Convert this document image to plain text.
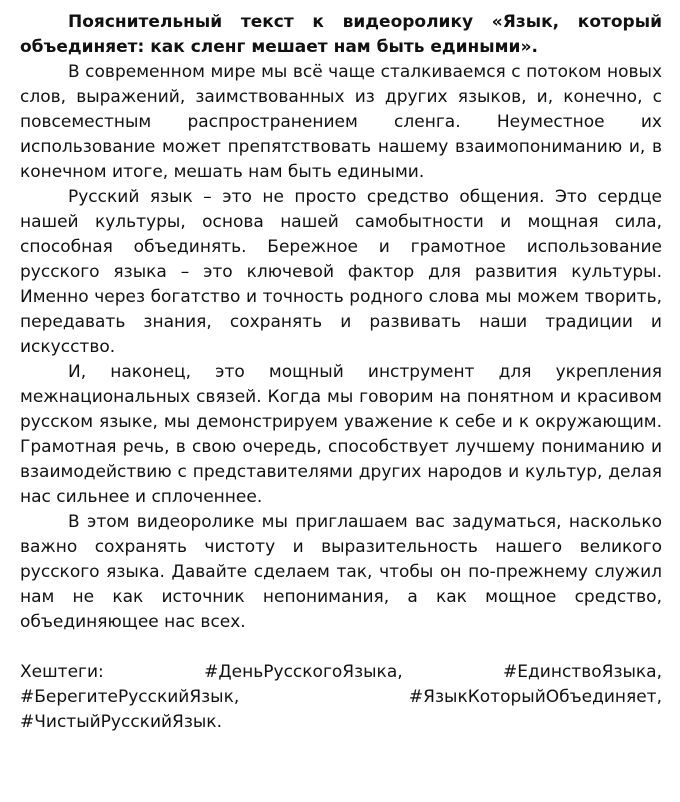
Пояснительный текст к видеоролику «Язык, который объединяет: как сленг мешает нам быть едиными».

В современном мире мы всё чаще сталкиваемся с потоком новых слов, выражений, заимствованных из других языков, и, конечно, с повсеместным распространением сленга. Неуместное их использование может препятствовать нашему взаимопониманию и, в конечном итоге, мешать нам быть едиными.

Русский язык – это не просто средство общения. Это сердце нашей культуры, основа нашей самобытности и мощная сила, способная объединять. Бережное и грамотное использование русского языка – это ключевой фактор для развития культуры. Именно через богатство и точность родного слова мы можем творить, передавать знания, сохранять и развивать наши традиции и искусство.

И, наконец, это мощный инструмент для укрепления межнациональных связей. Когда мы говорим на понятном и красивом русском языке, мы демонстрируем уважение к себе и к окружающим. Грамотная речь, в свою очередь, способствует лучшему пониманию и взаимодействию с представителями других народов и культур, делая нас сильнее и сплоченнее.

В этом видеоролике мы приглашаем вас задуматься, насколько важно сохранять чистоту и выразительность нашего великого русского языка. Давайте сделаем так, чтобы он по-прежнему служил нам не как источник непонимания, а как мощное средство, объединяющее нас всех.

Хештеги: #ДеньРусскогоЯзыка, #ЕдинствоЯзыка, #БерегитеРусскийЯзык, #ЯзыкКоторыйОбъединяет, #ЧистыйРусскийЯзык.
